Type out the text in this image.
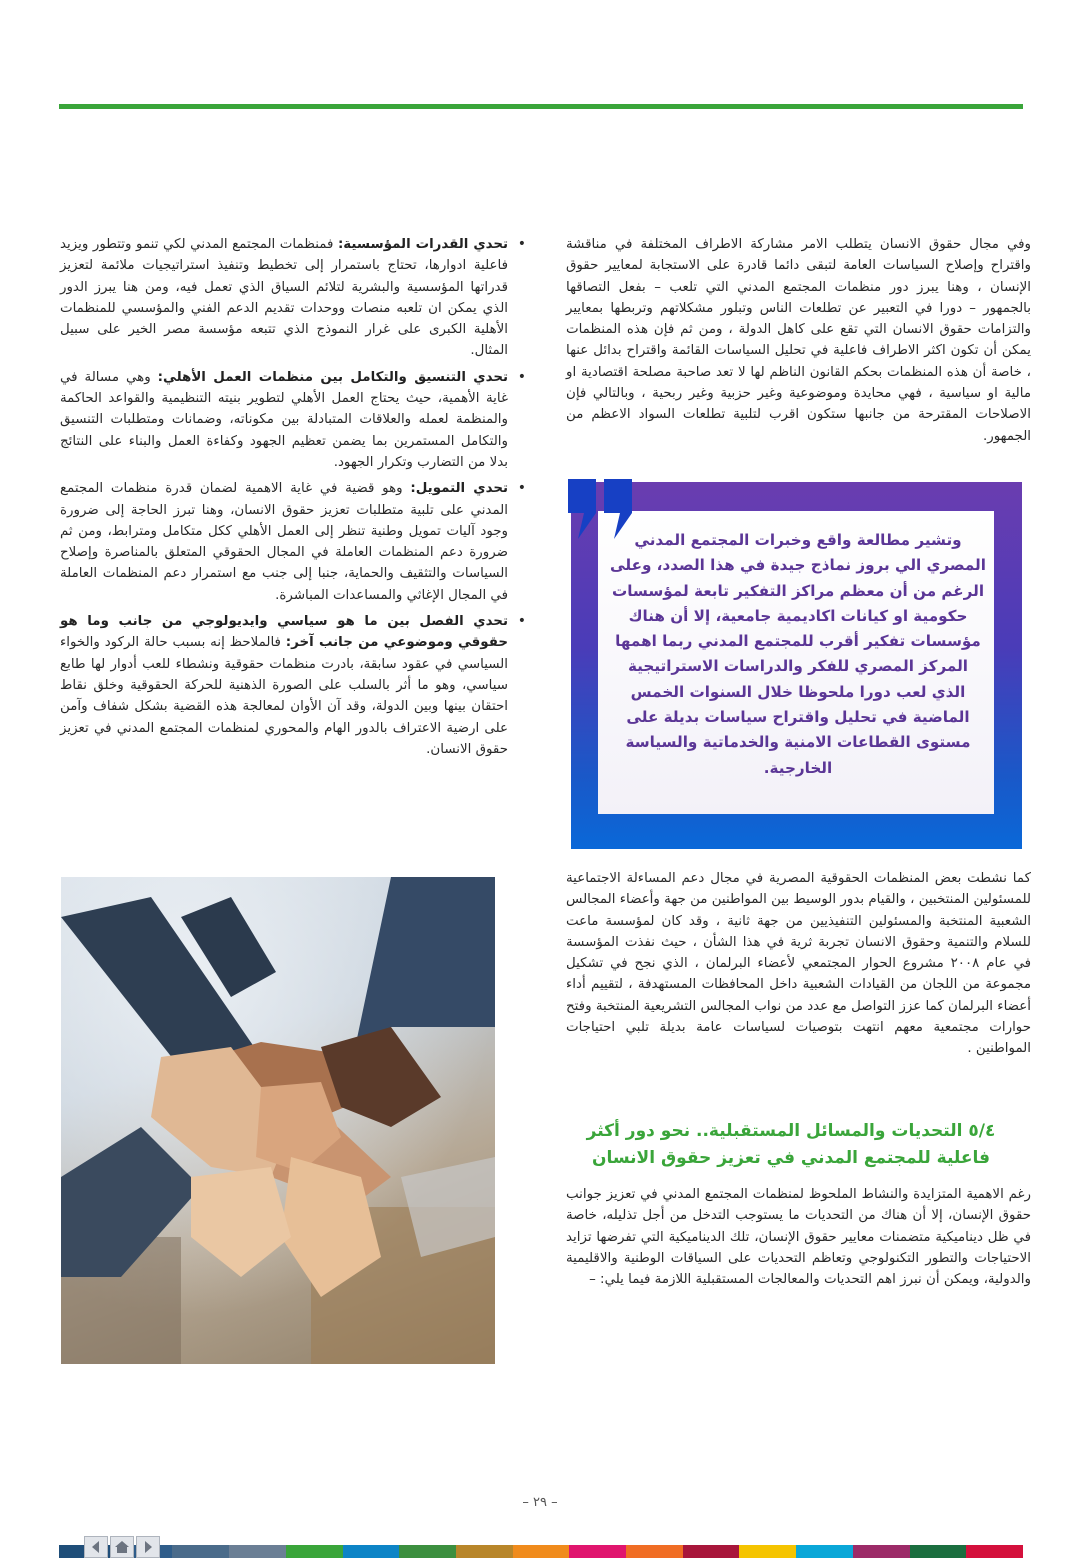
وفي مجال حقوق الانسان يتطلب الامر مشاركة الاطراف المختلفة في مناقشة واقتراح وإصلاح السياسات العامة لتبقى دائما قادرة على الاستجابة لمعايير حقوق الإنسان ، وهنا يبرز دور منظمات المجتمع المدني التي تلعب – بفعل التصاقها بالجمهور – دورا في التعبير عن تطلعات الناس وتبلور مشكلاتهم وتربطها بمعايير والتزامات حقوق الانسان التي تقع على كاهل الدولة ، ومن ثم فإن هذه المنظمات يمكن أن تكون اكثر الاطراف فاعلية في تحليل السياسات القائمة واقتراح بدائل عنها ، خاصة أن هذه المنظمات بحكم القانون الناظم لها لا تعد صاحبة مصلحة اقتصادية او مالية او سياسية ، فهي محايدة وموضوعية وغير حزبية وغير ربحية ، وبالتالي فإن الاصلاحات المقترحة من جانبها ستكون اقرب لتلبية تطلعات السواد الاعظم من الجمهور.

وتشير مطالعة واقع وخبرات المجتمع المدني المصري الي بروز نماذج جيدة في هذا الصدد، وعلى الرغم من أن معظم مراكز التفكير تابعة لمؤسسات حكومية او كيانات اكاديمية جامعية، إلا أن هناك مؤسسات تفكير أقرب للمجتمع المدني ربما اهمها المركز المصري للفكر والدراسات الاستراتيجية الذي لعب دورا ملحوظا خلال السنوات الخمس الماضية في تحليل واقتراح سياسات بديلة على مستوى القطاعات الامنية والخدماتية والسياسة الخارجية.

كما نشطت بعض المنظمات الحقوقية المصرية في مجال دعم المساءلة الاجتماعية للمسئولين المنتخبين ، والقيام بدور الوسيط بين المواطنين من جهة وأعضاء المجالس الشعبية المنتخبة والمسئولين التنفيذيين من جهة ثانية ، وقد كان لمؤسسة ماعت للسلام والتنمية وحقوق الانسان تجربة ثرية في هذا الشأن ، حيث نفذت المؤسسة في عام ٢٠٠٨ مشروع الحوار المجتمعي لأعضاء البرلمان ، الذي نجح في تشكيل مجموعة من اللجان من القيادات الشعبية داخل المحافظات المستهدفة ، لتقييم أداء أعضاء البرلمان كما عزز التواصل مع عدد من نواب المجالس التشريعية المنتخبة وفتح حوارات مجتمعية معهم انتهت بتوصيات لسياسات عامة بديلة تلبي احتياجات المواطنين .

٥/٤ التحديات والمسائل المستقبلية.. نحو دور أكثر
فاعلية للمجتمع المدني في تعزيز حقوق الانسان

رغم الاهمية المتزايدة والنشاط الملحوظ لمنظمات المجتمع المدني في تعزيز جوانب حقوق الإنسان، إلا أن هناك من التحديات ما يستوجب التدخل من أجل تذليله، خاصة في ظل ديناميكية متضمنات معايير حقوق الإنسان، تلك الديناميكية التي تفرضها تزايد الاحتياجات والتطور التكنولوجي وتعاظم التحديات على السياقات الوطنية والاقليمية والدولية، ويمكن أن نبرز اهم التحديات والمعالجات المستقبلية اللازمة فيما يلي: –

• تحدي القدرات المؤسسية: فمنظمات المجتمع المدني لكي تنمو وتتطور ويزيد فاعلية ادوارها، تحتاج باستمرار إلى تخطيط وتنفيذ استراتيجيات ملائمة لتعزيز قدراتها المؤسسية والبشرية لتلائم السياق الذي تعمل فيه، ومن هنا يبرز الدور الذي يمكن ان تلعبه منصات ووحدات تقديم الدعم الفني والمؤسسي للمنظمات الأهلية الكبرى على غرار النموذج الذي تتبعه مؤسسة مصر الخير على سبيل المثال.
• تحدي التنسيق والتكامل بين منظمات العمل الأهلي: وهي مسالة في غاية الأهمية، حيث يحتاج العمل الأهلي لتطوير بنيته التنظيمية والقواعد الحاكمة والمنظمة لعمله والعلاقات المتبادلة بين مكوناته، وضمانات ومتطلبات التنسيق والتكامل المستمرين بما يضمن تعظيم الجهود وكفاءة العمل والبناء على النتائج بدلا من التضارب وتكرار الجهود.
• تحدي التمويل: وهو قضية في غاية الاهمية لضمان قدرة منظمات المجتمع المدني على تلبية متطلبات تعزيز حقوق الانسان، وهنا تبرز الحاجة إلى ضرورة وجود آليات تمويل وطنية تنظر إلى العمل الأهلي ككل متكامل ومترابط، ومن ثم ضرورة دعم المنظمات العاملة في المجال الحقوقي المتعلق بالمناصرة وإصلاح السياسات والتثقيف والحماية، جنبا إلى جنب مع استمرار دعم المنظمات العاملة في المجال الإغاثي والمساعدات المباشرة.
• تحدي الفصل بين ما هو سياسي وايديولوجي من جانب وما هو حقوقي وموضوعي من جانب آخر: فالملاحظ إنه بسبب حالة الركود والخواء السياسي في عقود سابقة، بادرت منظمات حقوقية ونشطاء للعب أدوار لها طابع سياسي، وهو ما أثر بالسلب على الصورة الذهنية للحركة الحقوقية وخلق نقاط احتقان بينها وبين الدولة، وقد آن الأوان لمعالجة هذه القضية بشكل شفاف وآمن على ارضية الاعتراف بالدور الهام والمحوري لمنظمات المجتمع المدني في تعزيز حقوق الانسان.
– ٢٩ –
